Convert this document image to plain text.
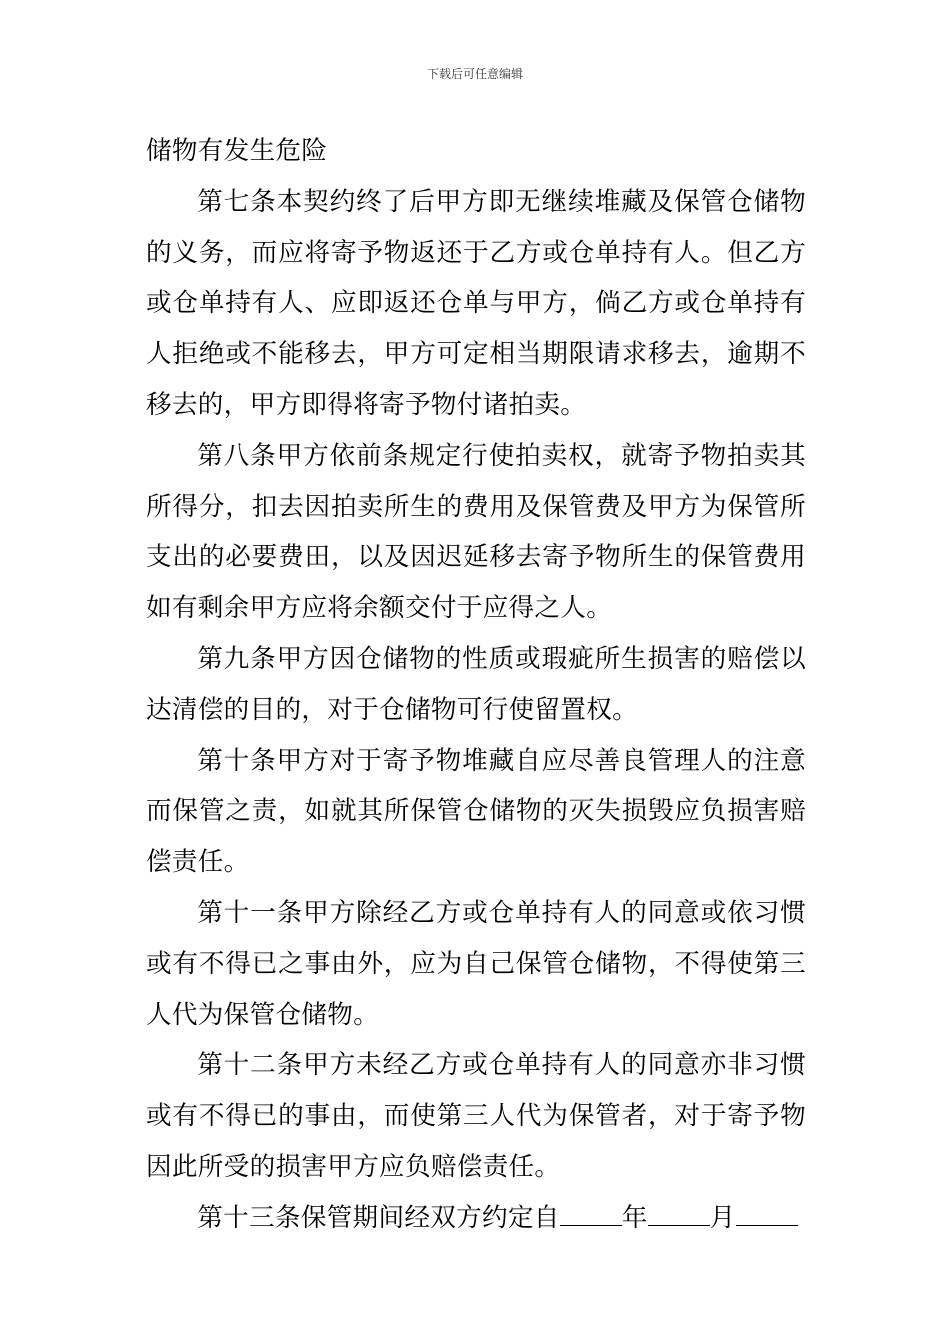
下载后可任意编辑

储物有发生危险

第七条本契约终了后甲方即无继续堆藏及保管仓储物的义务，而应将寄予物返还于乙方或仓单持有人。但乙方或仓单持有人、应即返还仓单与甲方，倘乙方或仓单持有人拒绝或不能移去，甲方可定相当期限请求移去，逾期不移去的，甲方即得将寄予物付诸拍卖。

第八条甲方依前条规定行使拍卖权，就寄予物拍卖其所得分，扣去因拍卖所生的费用及保管费及甲方为保管所支出的必要费田，以及因迟延移去寄予物所生的保管费用如有剩余甲方应将余额交付于应得之人。

第九条甲方因仓储物的性质或瑕疵所生损害的赔偿以达清偿的目的，对于仓储物可行使留置权。

第十条甲方对于寄予物堆藏自应尽善良管理人的注意而保管之责，如就其所保管仓储物的灭失损毁应负损害赔偿责任。

第十一条甲方除经乙方或仓单持有人的同意或依习惯或有不得已之事由外，应为自己保管仓储物，不得使第三人代为保管仓储物。

第十二条甲方未经乙方或仓单持有人的同意亦非习惯或有不得已的事由，而使第三人代为保管者，对于寄予物因此所受的损害甲方应负赔偿责任。

第十三条保管期间经双方约定自 年 月
